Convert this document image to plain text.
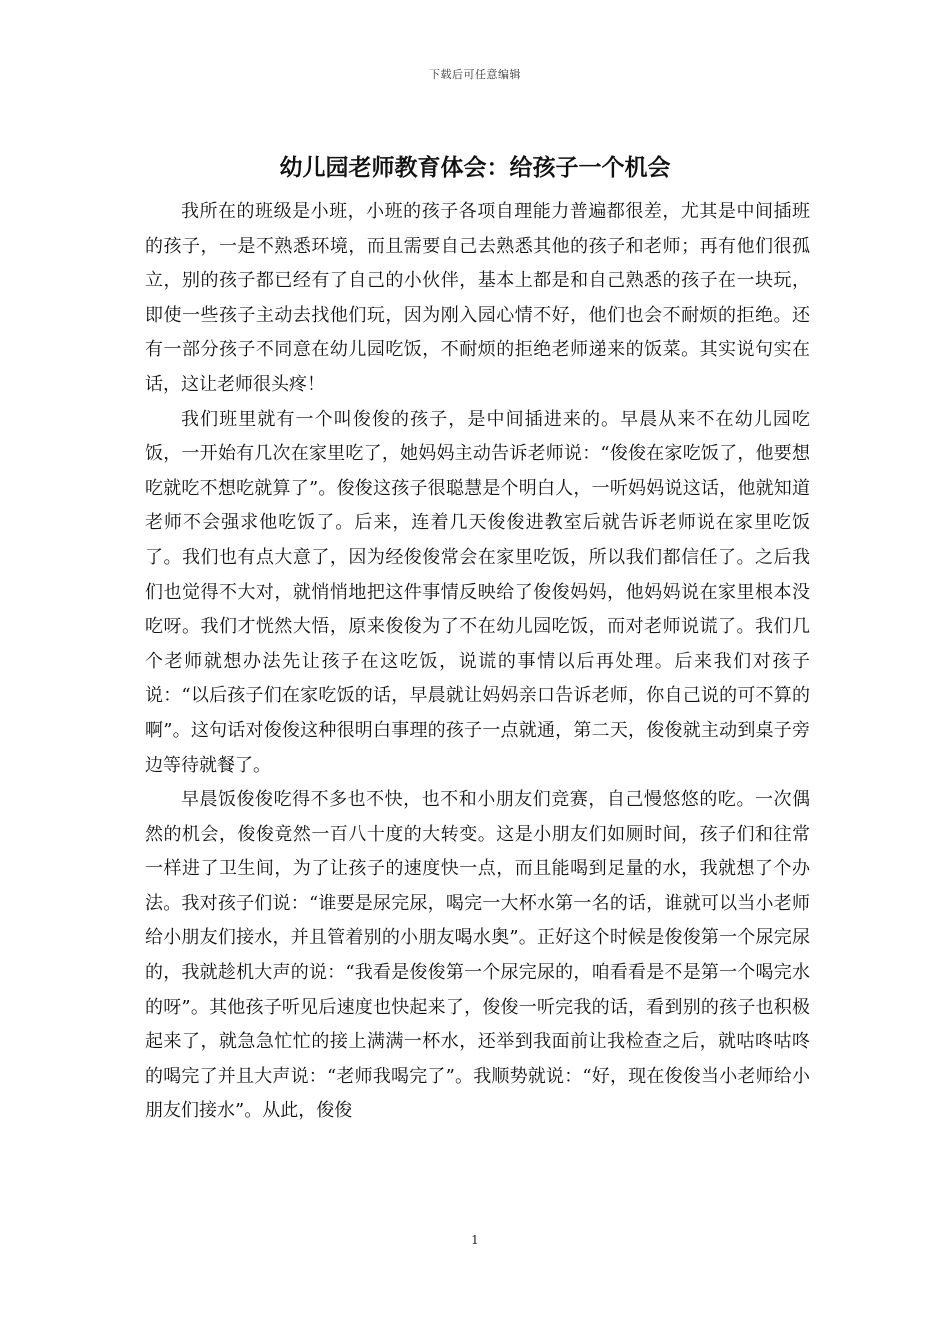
下载后可任意编辑
幼儿园老师教育体会：给孩子一个机会

我所在的班级是小班，小班的孩子各项自理能力普遍都很差，尤其是中间插班的孩子，一是不熟悉环境，而且需要自己去熟悉其他的孩子和老师；再有他们很孤立，别的孩子都已经有了自己的小伙伴，基本上都是和自己熟悉的孩子在一块玩，即使一些孩子主动去找他们玩，因为刚入园心情不好，他们也会不耐烦的拒绝。还有一部分孩子不同意在幼儿园吃饭，不耐烦的拒绝老师递来的饭菜。其实说句实在话，这让老师很头疼！

我们班里就有一个叫俊俊的孩子，是中间插进来的。早晨从来不在幼儿园吃饭，一开始有几次在家里吃了，她妈妈主动告诉老师说：“俊俊在家吃饭了，他要想吃就吃不想吃就算了”。俊俊这孩子很聪慧是个明白人，一听妈妈说这话，他就知道老师不会强求他吃饭了。后来，连着几天俊俊进教室后就告诉老师说在家里吃饭了。我们也有点大意了，因为经俊俊常会在家里吃饭，所以我们都信任了。之后我们也觉得不大对，就悄悄地把这件事情反映给了俊俊妈妈，他妈妈说在家里根本没吃呀。我们才恍然大悟，原来俊俊为了不在幼儿园吃饭，而对老师说谎了。我们几个老师就想办法先让孩子在这吃饭，说谎的事情以后再处理。后来我们对孩子说：“以后孩子们在家吃饭的话，早晨就让妈妈亲口告诉老师，你自己说的可不算的啊”。这句话对俊俊这种很明白事理的孩子一点就通，第二天，俊俊就主动到桌子旁边等待就餐了。

早晨饭俊俊吃得不多也不快，也不和小朋友们竞赛，自己慢悠悠的吃。一次偶然的机会，俊俊竟然一百八十度的大转变。这是小朋友们如厕时间，孩子们和往常一样进了卫生间，为了让孩子的速度快一点，而且能喝到足量的水，我就想了个办法。我对孩子们说：“谁要是尿完尿，喝完一大杯水第一名的话，谁就可以当小老师给小朋友们接水，并且管着别的小朋友喝水奥”。正好这个时候是俊俊第一个尿完尿的，我就趁机大声的说：“我看是俊俊第一个尿完尿的，咱看看是不是第一个喝完水的呀”。其他孩子听见后速度也快起来了，俊俊一听完我的话，看到别的孩子也积极起来了，就急急忙忙的接上满满一杯水，还举到我面前让我检查之后，就咕咚咕咚的喝完了并且大声说：“老师我喝完了”。我顺势就说：“好，现在俊俊当小老师给小朋友们接水”。从此，俊俊

1
